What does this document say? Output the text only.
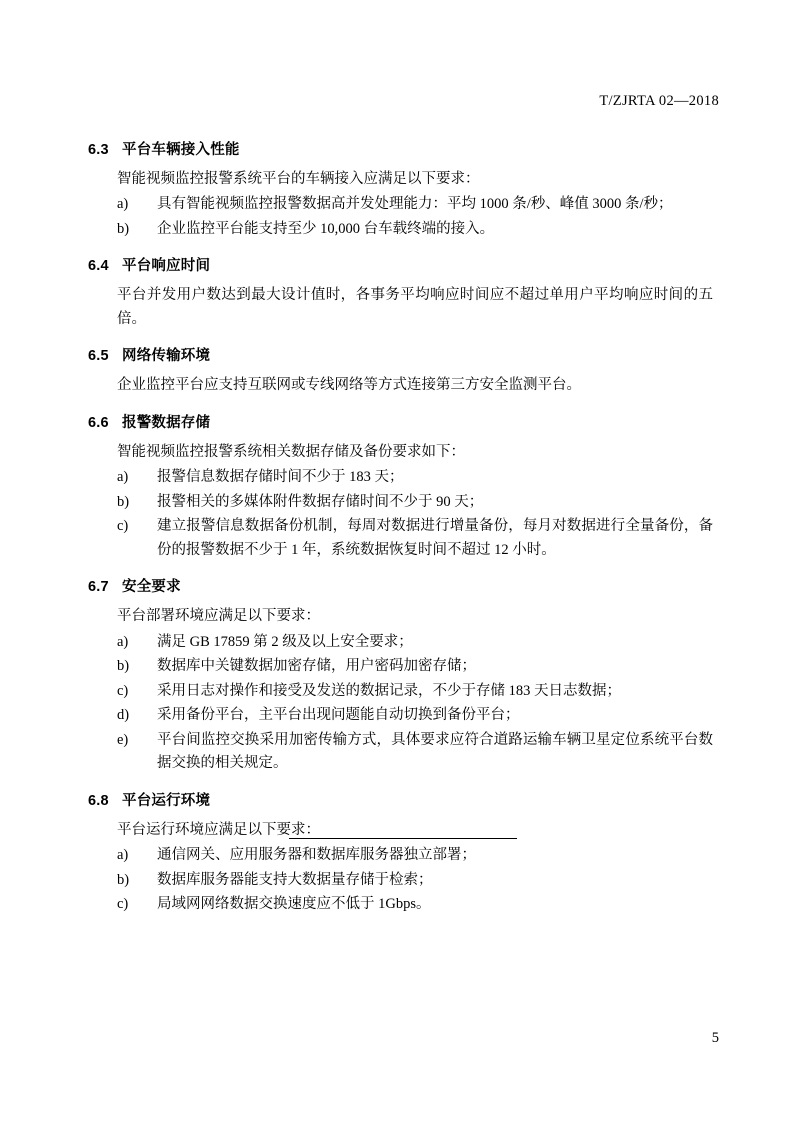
T/ZJRTA 02—2018
6.3 平台车辆接入性能

智能视频监控报警系统平台的车辆接入应满足以下要求：

a)	具有智能视频监控报警数据高并发处理能力：平均 1000 条/秒、峰值 3000 条/秒；
b)	企业监控平台能支持至少 10,000 台车载终端的接入。
6.4 平台响应时间

平台并发用户数达到最大设计值时，各事务平均响应时间应不超过单用户平均响应时间的五倍。

6.5 网络传输环境

企业监控平台应支持互联网或专线网络等方式连接第三方安全监测平台。

6.6 报警数据存储

智能视频监控报警系统相关数据存储及备份要求如下：

a)	报警信息数据存储时间不少于 183 天；
b)	报警相关的多媒体附件数据存储时间不少于 90 天；
c)	建立报警信息数据备份机制，每周对数据进行增量备份，每月对数据进行全量备份，备份的报警数据不少于 1 年，系统数据恢复时间不超过 12 小时。
6.7 安全要求

平台部署环境应满足以下要求：

a)	满足 GB 17859 第 2 级及以上安全要求；
b)	数据库中关键数据加密存储，用户密码加密存储；
c)	采用日志对操作和接受及发送的数据记录，不少于存储 183 天日志数据；
d)	采用备份平台，主平台出现问题能自动切换到备份平台；
e)	平台间监控交换采用加密传输方式，具体要求应符合道路运输车辆卫星定位系统平台数据交换的相关规定。
6.8 平台运行环境

平台运行环境应满足以下要求：

a)	通信网关、应用服务器和数据库服务器独立部署；
b)	数据库服务器能支持大数据量存储于检索；
c)	局域网网络数据交换速度应不低于 1Gbps。
5
